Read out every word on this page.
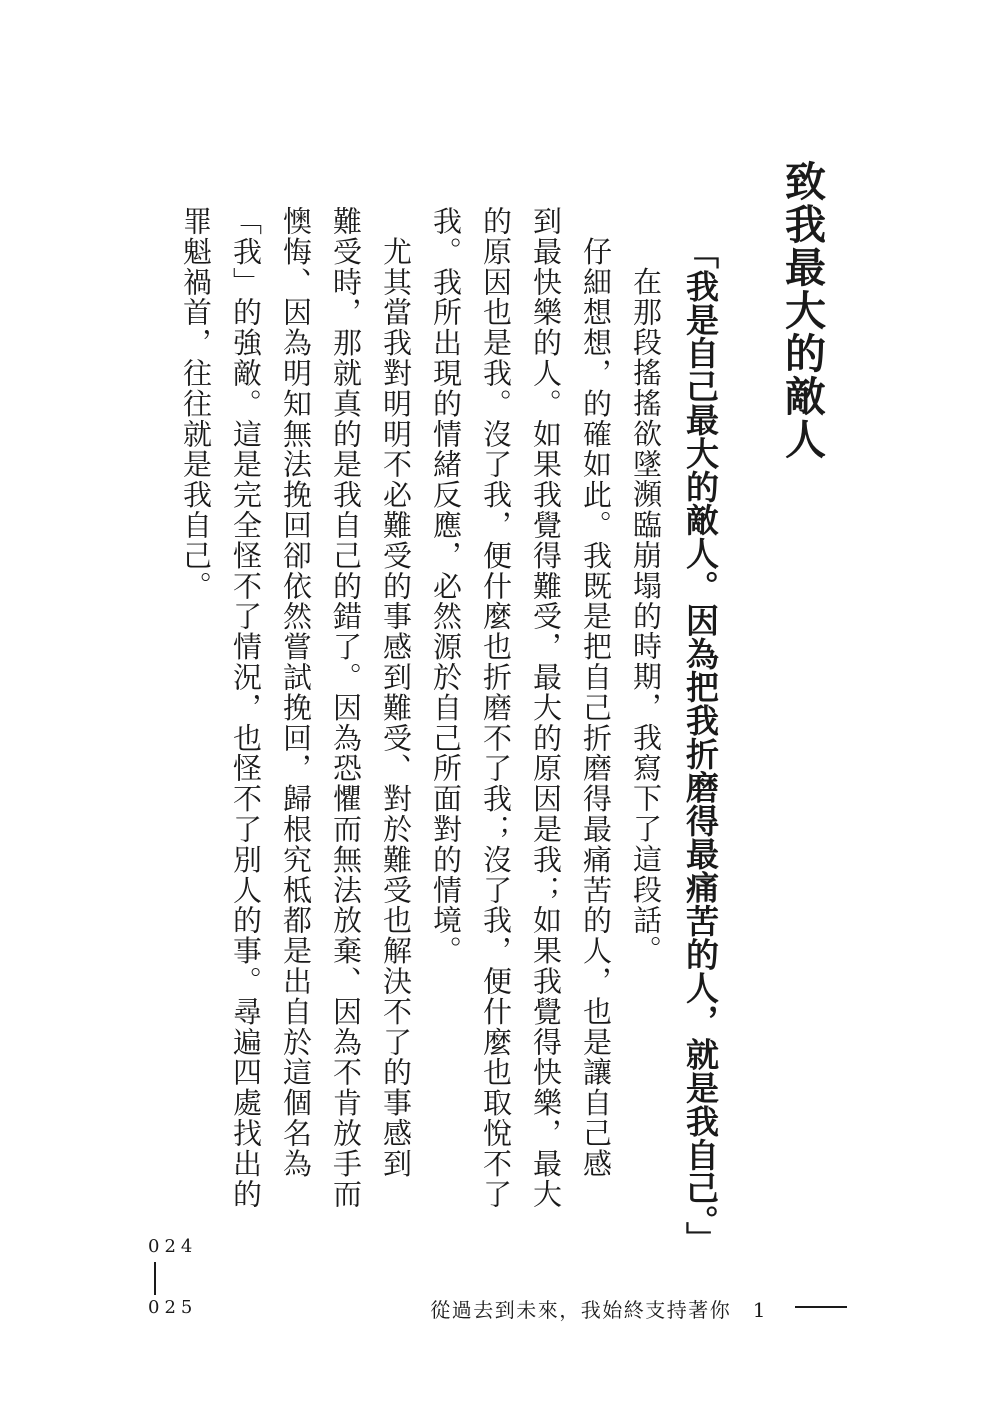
致我最大的敵人
「我是自己最大的敵人。因為把我折磨得最痛苦的人，就是我自己。」
　在那段搖搖欲墜瀕臨崩塌的時期，我寫下了這段話。
　仔細想想，的確如此。我既是把自己折磨得最痛苦的人，也是讓自己感
到最快樂的人。如果我覺得難受，最大的原因是我；如果我覺得快樂，最大
的原因也是我。沒了我，便什麼也折磨不了我；沒了我，便什麼也取悅不了
我。我所出現的情緒反應，必然源於自己所面對的情境。
　尤其當我對明明不必難受的事感到難受、對於難受也解決不了的事感到
難受時，那就真的是我自己的錯了。因為恐懼而無法放棄、因為不肯放手而
懊悔、因為明知無法挽回卻依然嘗試挽回，歸根究柢都是出自於這個名為
「我」的強敵。這是完全怪不了情況，也怪不了別人的事。尋遍四處找出的
罪魁禍首，往往就是我自己。
024
025	從過去到未來，我始終支持著你　1
